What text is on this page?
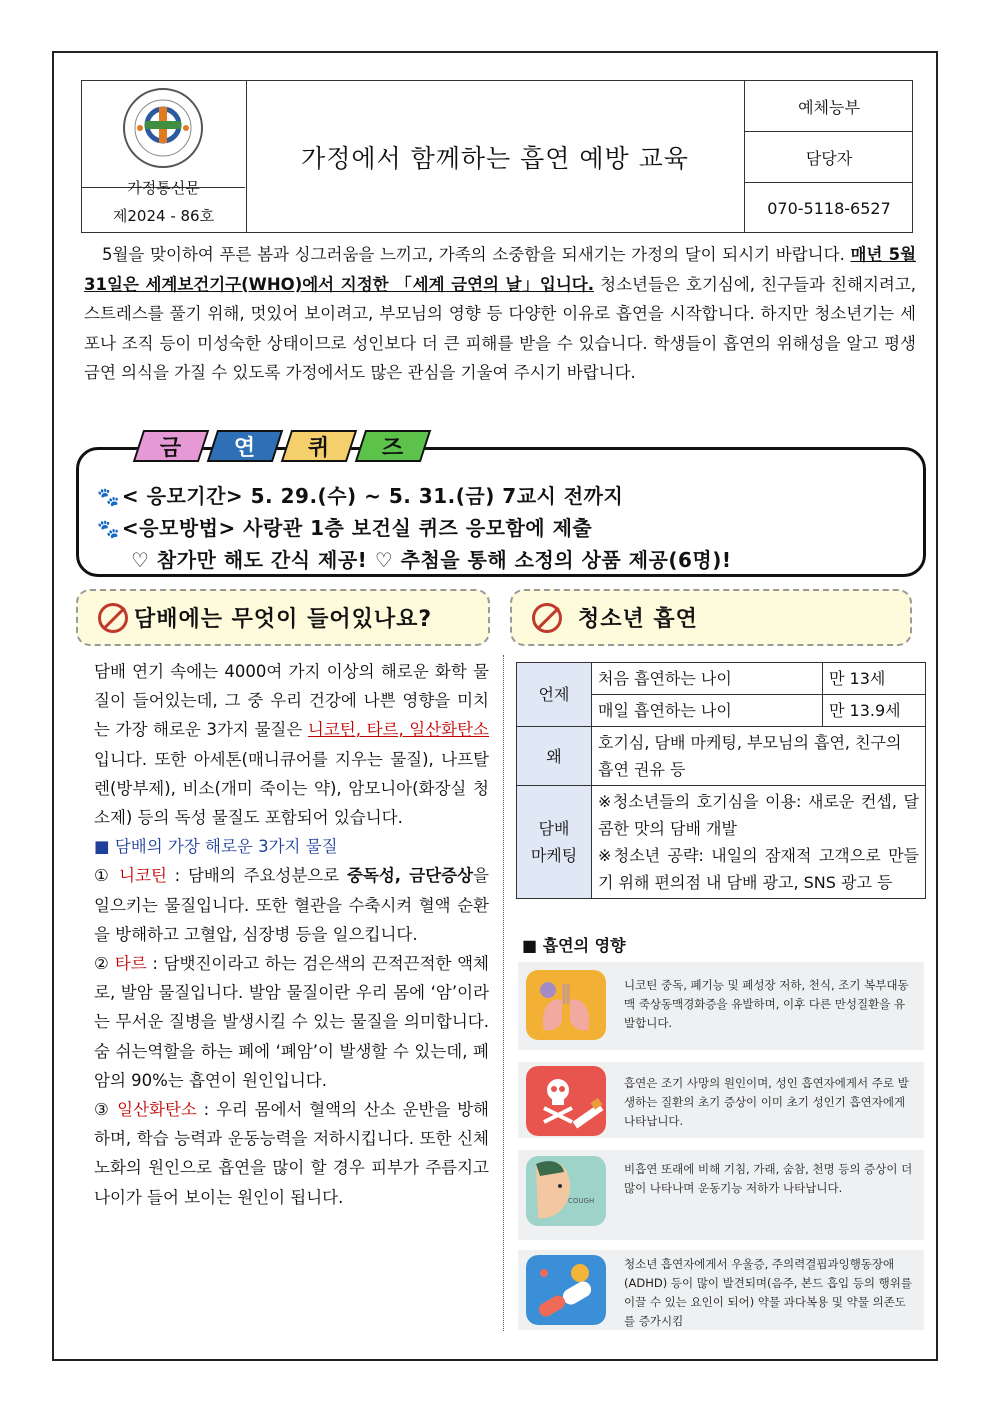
가정통신문
제2024 - 86호
가정에서 함께하는 흡연 예방 교육
예체능부
담당자
070-5118-6527

5월을 맞이하여 푸른 봄과 싱그러움을 느끼고, 가족의 소중함을 되새기는 가정의 달이 되시기 바랍니다. 매년 5월 31일은 세계보건기구(WHO)에서 지정한 「세계 금연의 날」입니다. 청소년들은 호기심에, 친구들과 친해지려고, 스트레스를 풀기 위해, 멋있어 보이려고, 부모님의 영향 등 다양한 이유로 흡연을 시작합니다. 하지만 청소년기는 세포나 조직 등이 미성숙한 상태이므로 성인보다 더 큰 피해를 받을 수 있습니다. 학생들이 흡연의 위해성을 알고 평생 금연 의식을 가질 수 있도록 가정에서도 많은 관심을 기울여 주시기 바랍니다.

🐾 < 응모기간> 5. 29.(수) ~ 5. 31.(금) 7교시 전까지
🐾 <응모방법> 사랑관 1층 보건실 퀴즈 응모함에 제출
♡ 참가만 해도 간식 제공! ♡ 추첨을 통해 소정의 상품 제공(6명)!
금 연 퀴 즈
담배에는 무엇이 들어있나요?	청소년 흡연

담배 연기 속에는 4000여 가지 이상의 해로운 화학 물질이 들어있는데, 그 중 우리 건강에 나쁜 영향을 미치는 가장 해로운 3가지 물질은 니코틴, 타르, 일산화탄소입니다. 또한 아세톤(매니큐어를 지우는 물질), 나프탈렌(방부제), 비소(개미 죽이는 약), 암모니아(화장실 청소제) 등의 독성 물질도 포함되어 있습니다.

■ 담배의 가장 해로운 3가지 물질

① 니코틴 : 담배의 주요성분으로 중독성, 금단증상을 일으키는 물질입니다. 또한 혈관을 수축시켜 혈액 순환을 방해하고 고혈압, 심장병 등을 일으킵니다.

② 타르 : 담뱃진이라고 하는 검은색의 끈적끈적한 액체로, 발암 물질입니다. 발암 물질이란 우리 몸에 ‘암’이라는 무서운 질병을 발생시킬 수 있는 물질을 의미합니다. 숨 쉬는역할을 하는 폐에 ‘폐암’이 발생할 수 있는데, 폐암의 90%는 흡연이 원인입니다.

③ 일산화탄소 : 우리 몸에서 혈액의 산소 운반을 방해하며, 학습 능력과 운동능력을 저하시킵니다. 또한 신체 노화의 원인으로 흡연을 많이 할 경우 피부가 주름지고 나이가 들어 보이는 원인이 됩니다.

언제	처음 흡연하는 나이	만 13세
	매일 흡연하는 나이	만 13.9세
왜	호기심, 담배 마케팅, 부모님의 흡연, 친구의 흡연 권유 등	
담배
마케팅	※청소년들의 호기심을 이용: 새로운 컨셉, 달콤한 맛의 담배 개발
※청소년 공략: 내일의 잠재적 고객으로 만들기 위해 편의점 내 담배 광고, SNS 광고 등	
■ 흡연의 영향
니코틴 중독, 폐기능 및 폐성장 저하, 천식, 조기 복부대동맥 죽상동맥경화증을 유발하며, 이후 다른 만성질환을 유발합니다.
흡연은 조기 사망의 원인이며, 성인 흡연자에게서 주로 발생하는 질환의 초기 증상이 이미 초기 성인기 흡연자에게 나타납니다.
COUGH
비흡연 또래에 비해 기침, 가래, 숨참, 천명 등의 증상이 더 많이 나타나며 운동기능 저하가 나타납니다.
청소년 흡연자에게서 우울증, 주의력결핍과잉행동장애(ADHD) 등이 많이 발견되며(음주, 본드 흡입 등의 행위를 이끌 수 있는 요인이 되어) 약물 과다복용 및 약물 의존도를 증가시킴
